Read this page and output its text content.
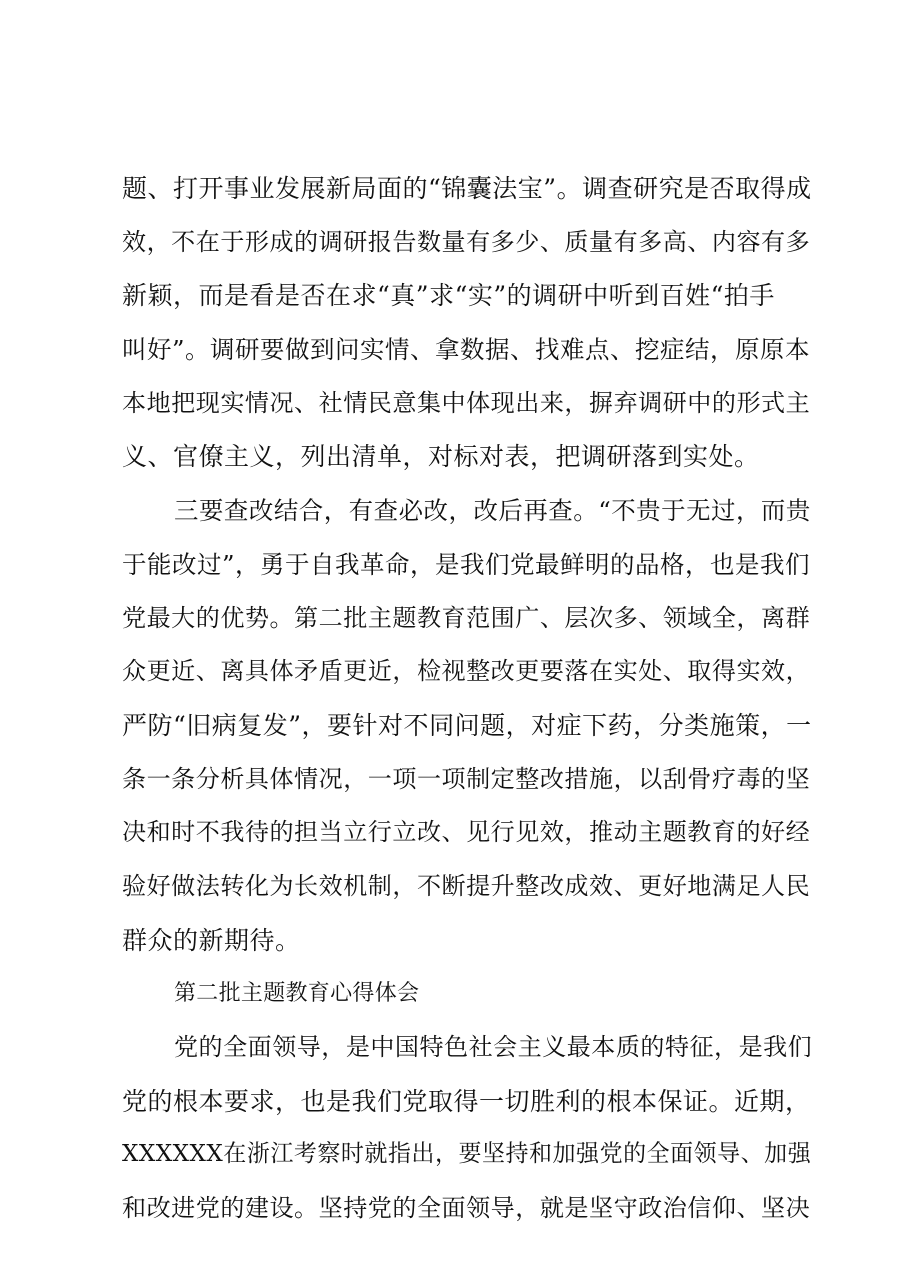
题、打开事业发展新局面的“锦囊法宝”。调查研究是否取得成
效，不在于形成的调研报告数量有多少、质量有多高、内容有多
新颖，而是看是否在求“真”求“实”的调研中听到百姓“拍手
叫好”。调研要做到问实情、拿数据、找难点、挖症结，原原本
本地把现实情况、社情民意集中体现出来，摒弃调研中的形式主
义、官僚主义，列出清单，对标对表，把调研落到实处。
三要查改结合，有查必改，改后再查。“不贵于无过，而贵
于能改过”，勇于自我革命，是我们党最鲜明的品格，也是我们
党最大的优势。第二批主题教育范围广、层次多、领域全，离群
众更近、离具体矛盾更近，检视整改更要落在实处、取得实效，
严防“旧病复发”，要针对不同问题，对症下药，分类施策，一
条一条分析具体情况，一项一项制定整改措施，以刮骨疗毒的坚
决和时不我待的担当立行立改、见行见效，推动主题教育的好经
验好做法转化为长效机制，不断提升整改成效、更好地满足人民
群众的新期待。
第二批主题教育心得体会
党的全面领导，是中国特色社会主义最本质的特征，是我们
党的根本要求，也是我们党取得一切胜利的根本保证。近期，
XXXXXX在浙江考察时就指出，要坚持和加强党的全面领导、加强
和改进党的建设。坚持党的全面领导，就是坚守政治信仰、坚决
